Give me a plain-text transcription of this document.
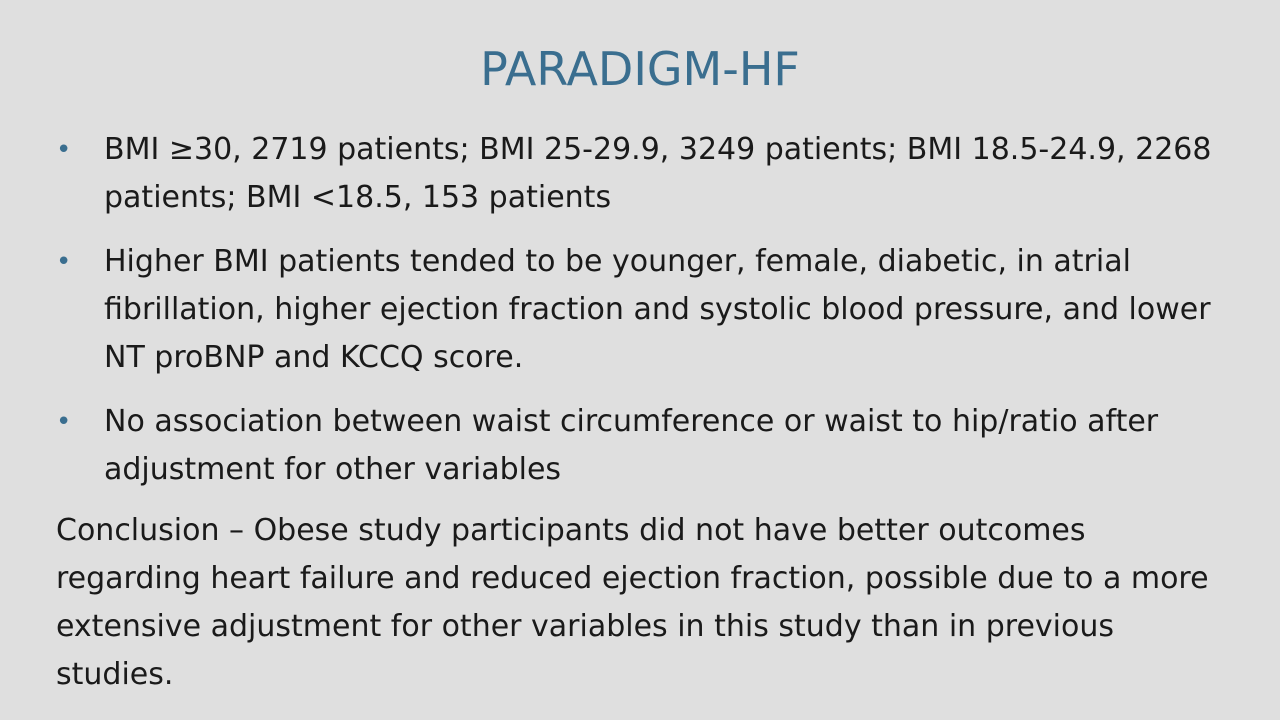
PARADIGM-HF
• BMI ≥30, 2719 patients; BMI 25-29.9, 3249 patients; BMI 18.5-24.9, 2268 patients; BMI <18.5, 153 patients
• Higher BMI patients tended to be younger, female, diabetic, in atrial fibrillation, higher ejection fraction and systolic blood pressure, and lower NT proBNP and KCCQ score.
• No association between waist circumference or waist to hip/ratio after adjustment for other variables

Conclusion – Obese study participants did not have better outcomes regarding heart failure and reduced ejection fraction, possible due to a more extensive adjustment for other variables in this study than in previous studies.
